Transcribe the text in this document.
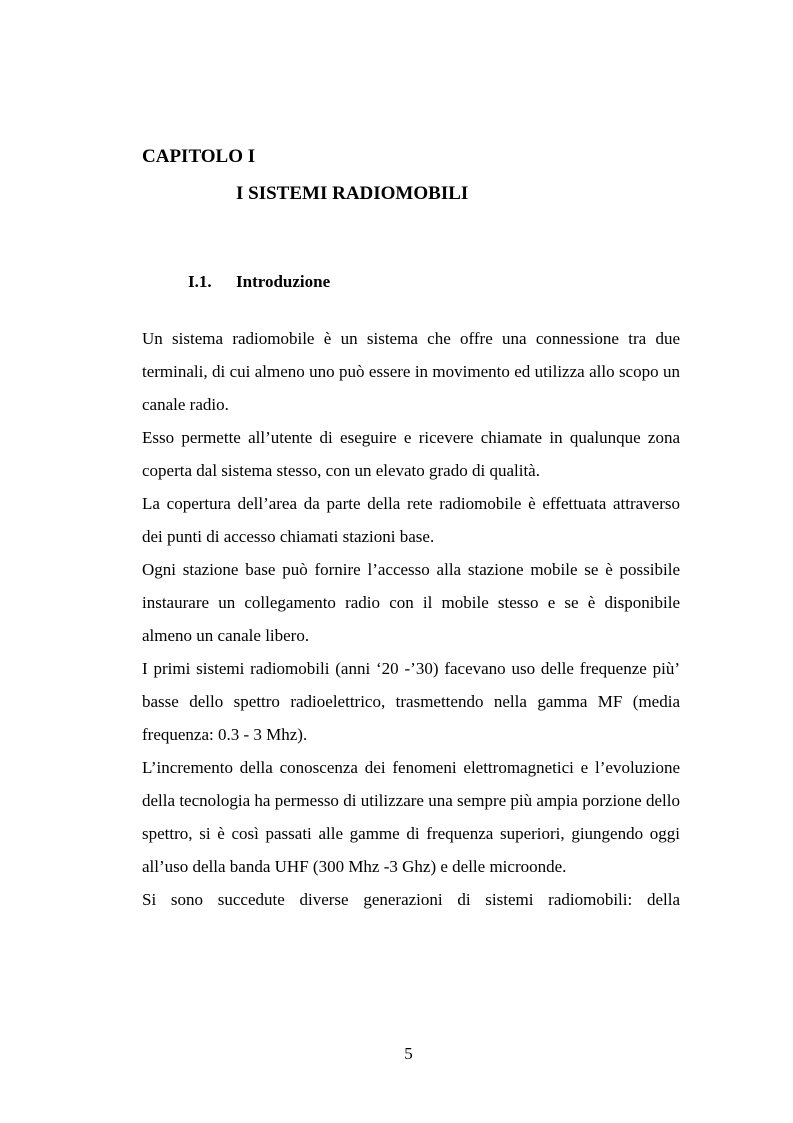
CAPITOLO I
I SISTEMI RADIOMOBILI
I.1. Introduzione

Un sistema radiomobile è un sistema che offre una connessione tra due terminali, di cui almeno uno può essere in movimento ed utilizza allo scopo un canale radio.

Esso permette all’utente di eseguire e ricevere chiamate in qualunque zona coperta dal sistema stesso, con un elevato grado di qualità.

La copertura dell’area da parte della rete radiomobile è effettuata attraverso dei punti di accesso chiamati stazioni base.

Ogni stazione base può fornire l’accesso alla stazione mobile se è possibile instaurare un collegamento radio con il mobile stesso e se è disponibile almeno un canale libero.

I primi sistemi radiomobili (anni ‘20 -’30) facevano uso delle frequenze più’ basse dello spettro radioelettrico, trasmettendo nella gamma MF (media frequenza: 0.3 - 3 Mhz).

L’incremento della conoscenza dei fenomeni elettromagnetici e l’evoluzione della tecnologia ha permesso di utilizzare una sempre più ampia porzione dello spettro, si è così passati alle gamme di frequenza superiori, giungendo oggi all’uso della banda UHF (300 Mhz -3 Ghz) e delle microonde.

Si sono succedute diverse generazioni di sistemi radiomobili: della

5
